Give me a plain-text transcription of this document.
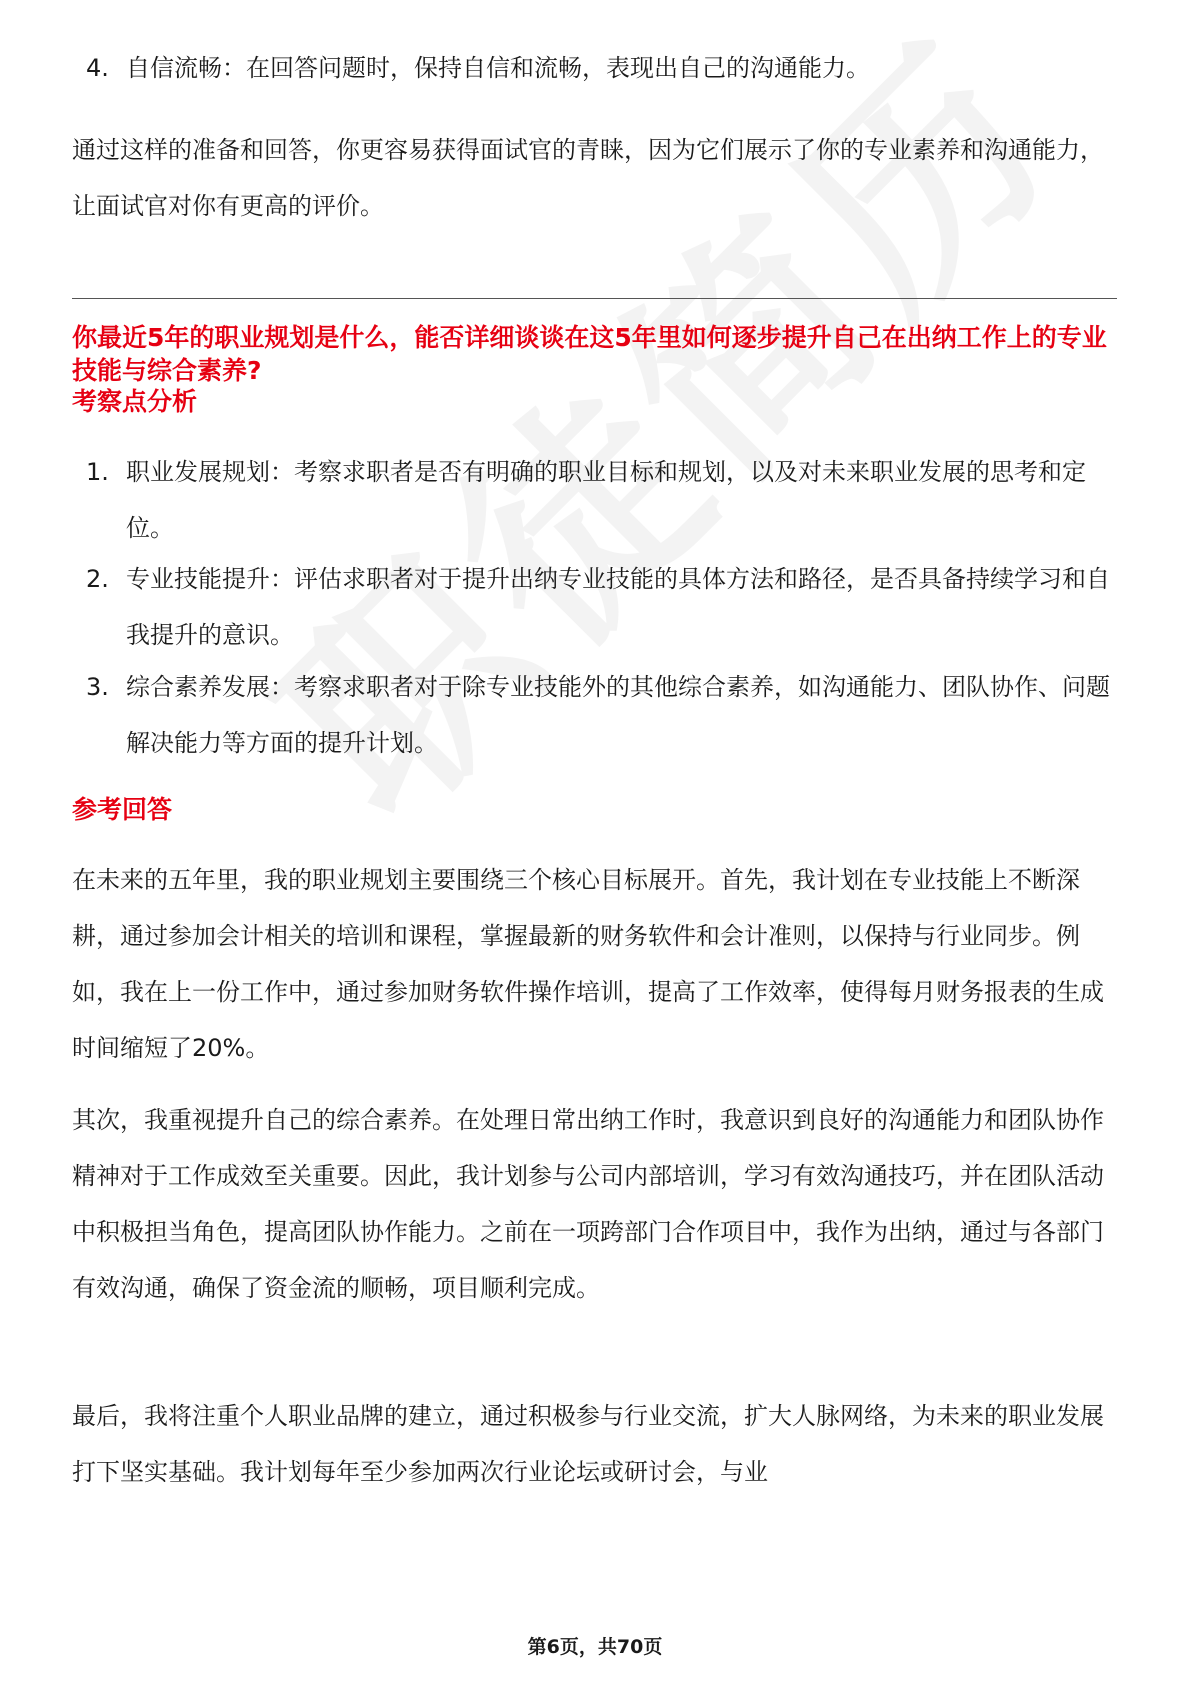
4. 自信流畅：在回答问题时，保持自信和流畅，表现出自己的沟通能力。
通过这样的准备和回答，你更容易获得面试官的青睐，因为它们展示了你的专业素养和沟通能力，让面试官对你有更高的评价。
你最近5年的职业规划是什么，能否详细谈谈在这5年里如何逐步提升自己在出纳工作上的专业技能与综合素养?
考察点分析
1. 职业发展规划：考察求职者是否有明确的职业目标和规划，以及对未来职业发展的思考和定位。
2. 专业技能提升：评估求职者对于提升出纳专业技能的具体方法和路径，是否具备持续学习和自我提升的意识。
3. 综合素养发展：考察求职者对于除专业技能外的其他综合素养，如沟通能力、团队协作、问题解决能力等方面的提升计划。
参考回答
在未来的五年里，我的职业规划主要围绕三个核心目标展开。首先，我计划在专业技能上不断深耕，通过参加会计相关的培训和课程，掌握最新的财务软件和会计准则，以保持与行业同步。例如，我在上一份工作中，通过参加财务软件操作培训，提高了工作效率，使得每月财务报表的生成时间缩短了20%。
其次，我重视提升自己的综合素养。在处理日常出纳工作时，我意识到良好的沟通能力和团队协作精神对于工作成效至关重要。因此，我计划参与公司内部培训，学习有效沟通技巧，并在团队活动中积极担当角色，提高团队协作能力。之前在一项跨部门合作项目中，我作为出纳，通过与各部门有效沟通，确保了资金流的顺畅，项目顺利完成。
最后，我将注重个人职业品牌的建立，通过积极参与行业交流，扩大人脉网络，为未来的职业发展打下坚实基础。我计划每年至少参加两次行业论坛或研讨会，与业
第6页，共70页
